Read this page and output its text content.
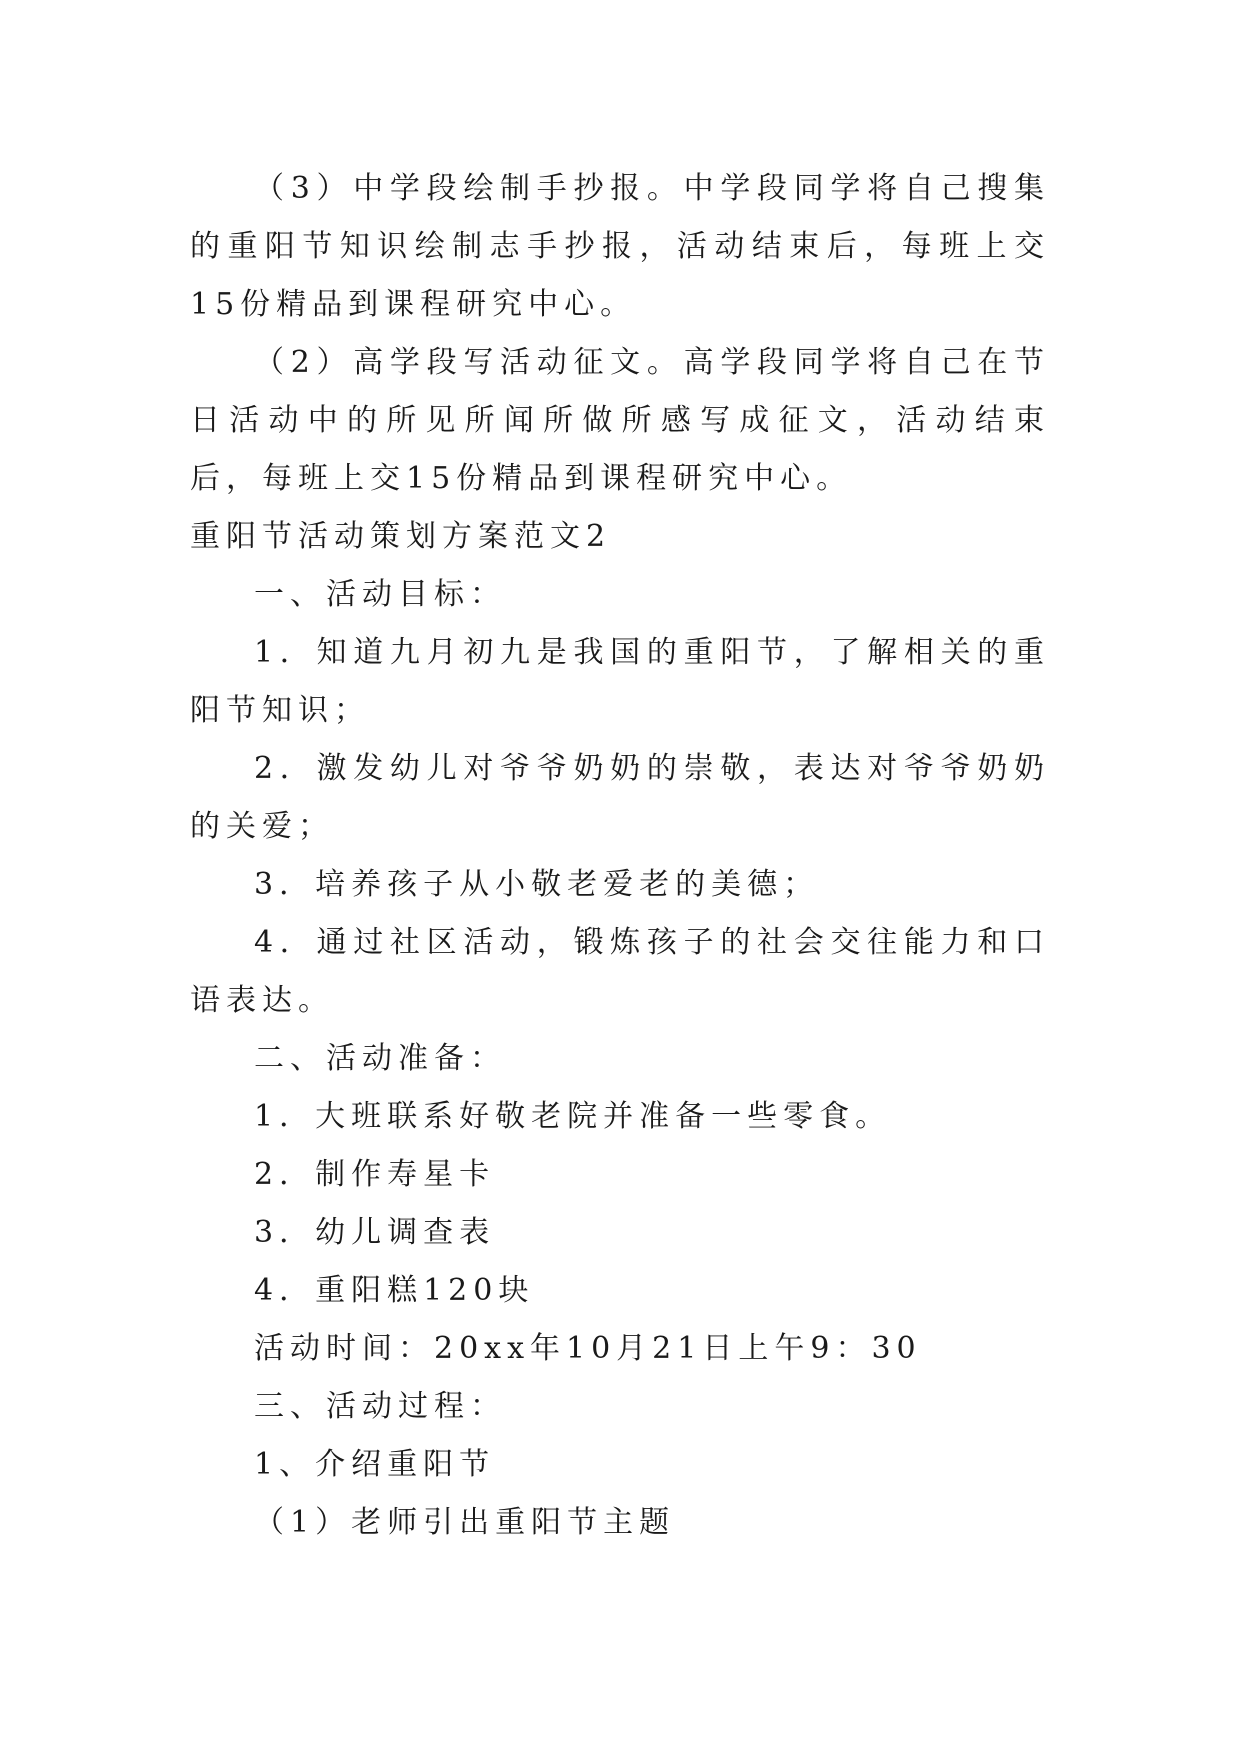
（3）中学段绘制手抄报。中学段同学将自己搜集的重阳节知识绘制志手抄报，活动结束后，每班上交15份精品到课程研究中心。
（2）高学段写活动征文。高学段同学将自己在节日活动中的所见所闻所做所感写成征文，活动结束后，每班上交15份精品到课程研究中心。
重阳节活动策划方案范文2
一、活动目标：
1．知道九月初九是我国的重阳节，了解相关的重阳节知识；
2．激发幼儿对爷爷奶奶的崇敬，表达对爷爷奶奶的关爱；
3．培养孩子从小敬老爱老的美德；
4．通过社区活动，锻炼孩子的社会交往能力和口语表达。
二、活动准备：
1．大班联系好敬老院并准备一些零食。
2．制作寿星卡
3．幼儿调查表
4．重阳糕120块
活动时间：20xx年10月21日上午9：30
三、活动过程：
1、介绍重阳节
（1）老师引出重阳节主题
